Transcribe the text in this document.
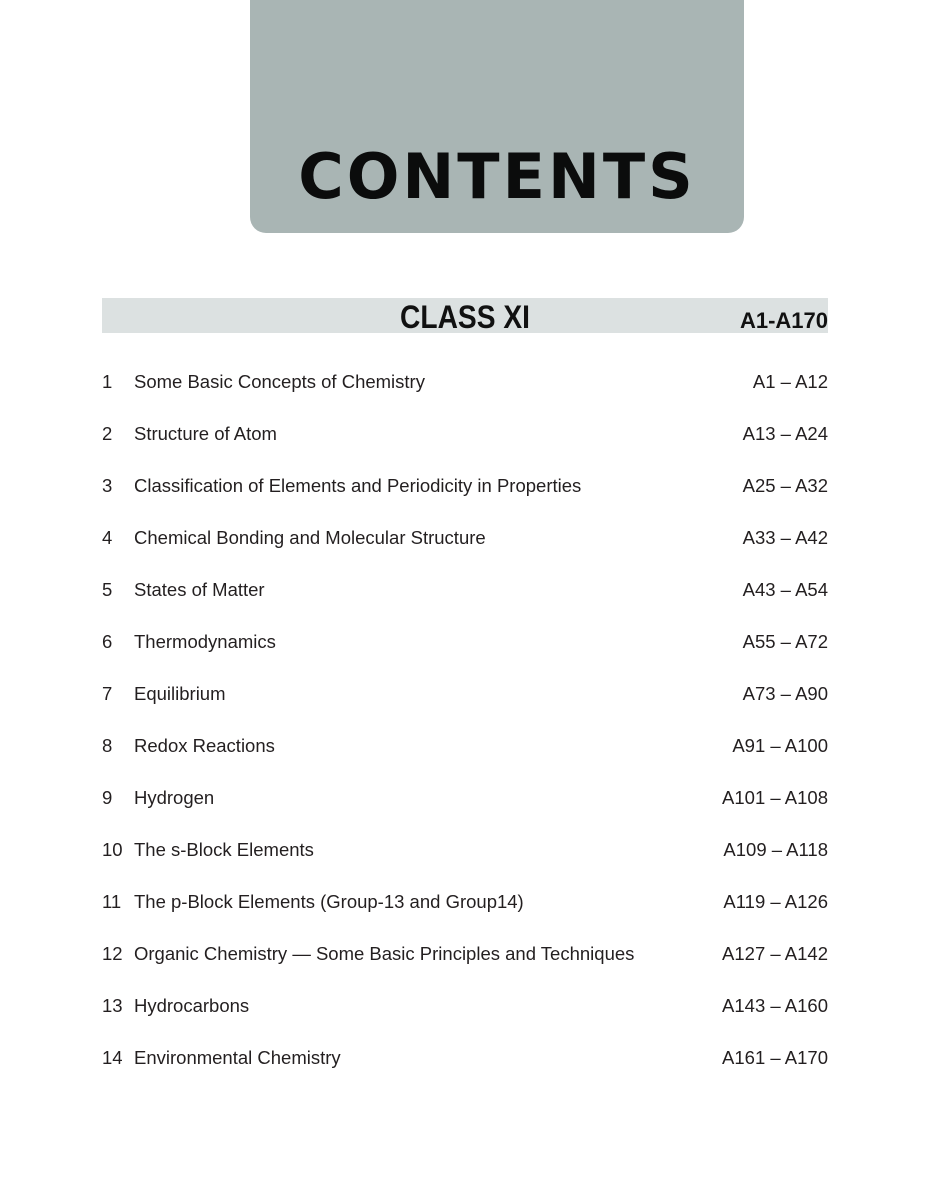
CONTENTS
CLASS XI	A1-A170
1 Some Basic Concepts of Chemistry	A1 – A12
2 Structure of Atom	A13 – A24
3 Classification of Elements and Periodicity in Properties	A25 – A32
4 Chemical Bonding and Molecular Structure	A33 – A42
5 States of Matter	A43 – A54
6 Thermodynamics	A55 – A72
7 Equilibrium	A73 – A90
8 Redox Reactions	A91 – A100
9 Hydrogen	A101 – A108
10 The s-Block Elements	A109 – A118
11 The p-Block Elements (Group-13 and Group14)	A119 – A126
12 Organic Chemistry — Some Basic Principles and Techniques	A127 – A142
13 Hydrocarbons	A143 – A160
14 Environmental Chemistry	A161 – A170
